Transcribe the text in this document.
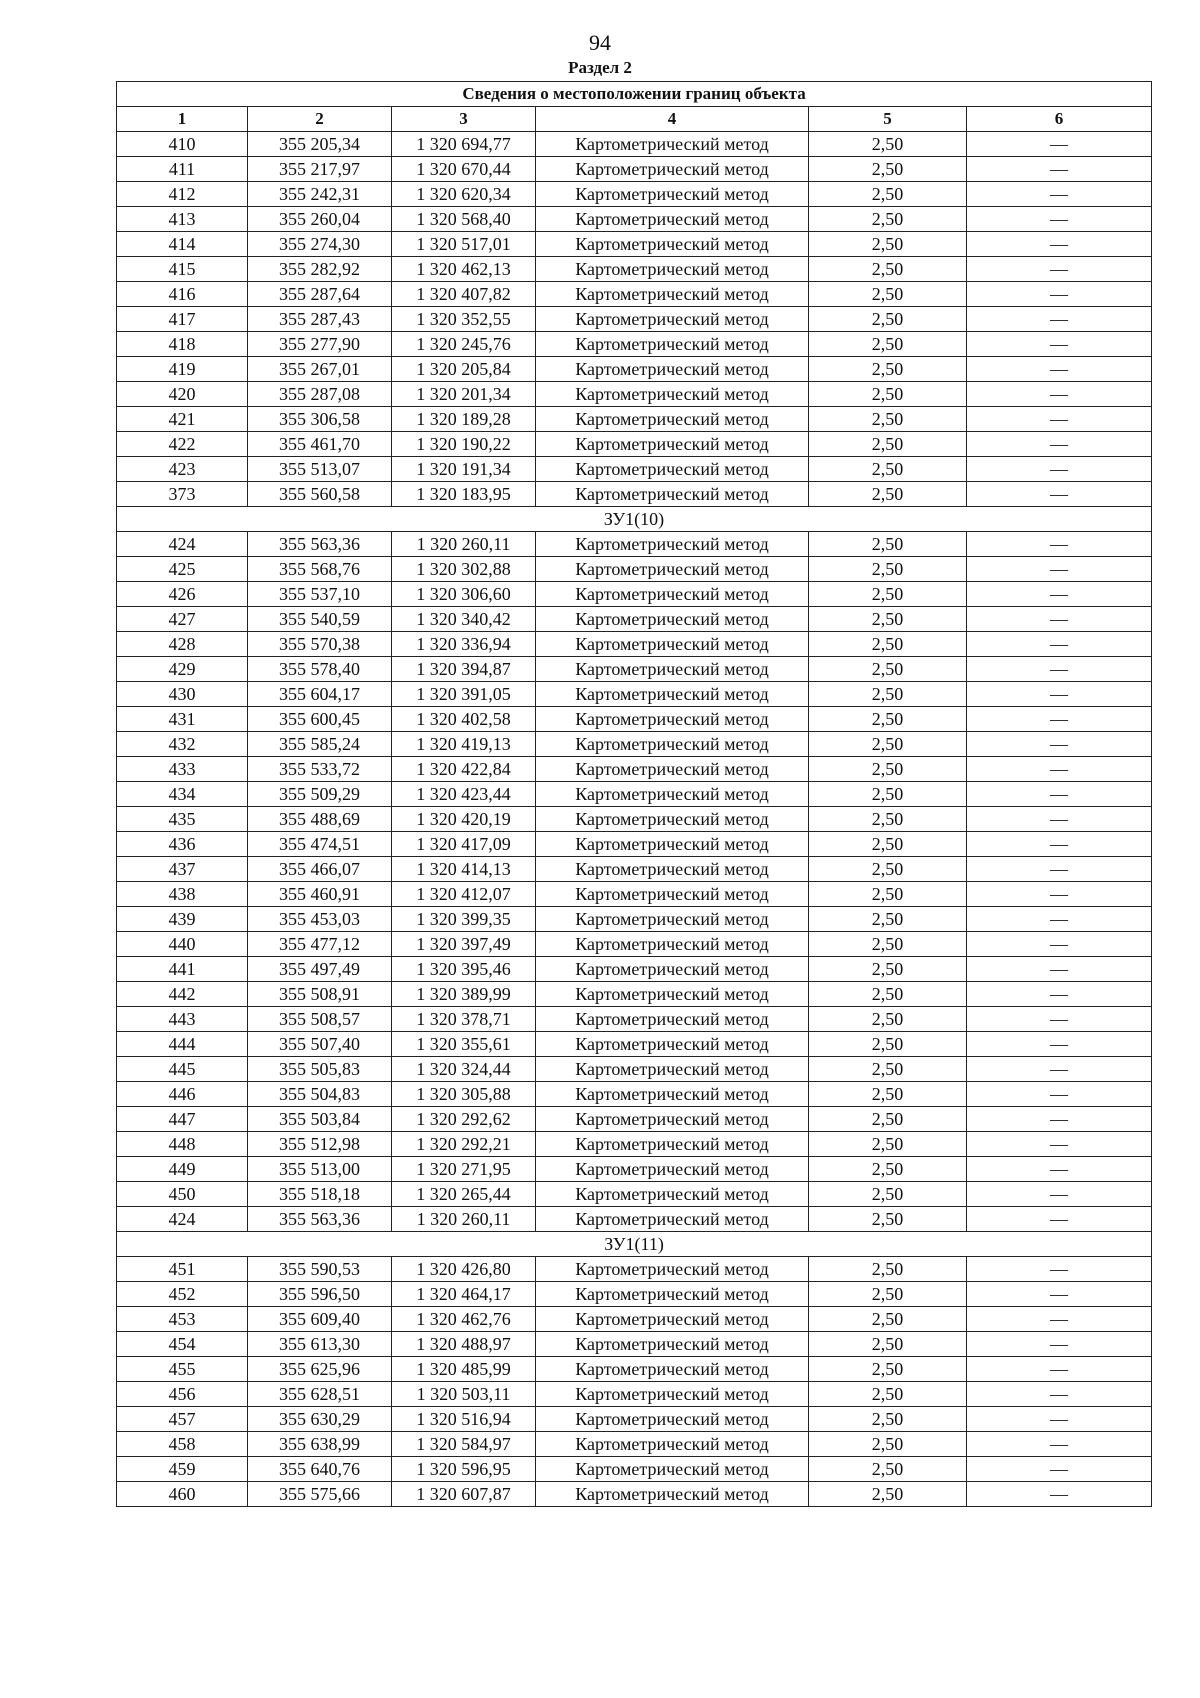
94
Раздел 2
Сведения о местоположении границ объекта					
1	2	3	4	5	6
410	355 205,34	1 320 694,77	Картометрический метод	2,50	—
411	355 217,97	1 320 670,44	Картометрический метод	2,50	—
412	355 242,31	1 320 620,34	Картометрический метод	2,50	—
413	355 260,04	1 320 568,40	Картометрический метод	2,50	—
414	355 274,30	1 320 517,01	Картометрический метод	2,50	—
415	355 282,92	1 320 462,13	Картометрический метод	2,50	—
416	355 287,64	1 320 407,82	Картометрический метод	2,50	—
417	355 287,43	1 320 352,55	Картометрический метод	2,50	—
418	355 277,90	1 320 245,76	Картометрический метод	2,50	—
419	355 267,01	1 320 205,84	Картометрический метод	2,50	—
420	355 287,08	1 320 201,34	Картометрический метод	2,50	—
421	355 306,58	1 320 189,28	Картометрический метод	2,50	—
422	355 461,70	1 320 190,22	Картометрический метод	2,50	—
423	355 513,07	1 320 191,34	Картометрический метод	2,50	—
373	355 560,58	1 320 183,95	Картометрический метод	2,50	—
ЗУ1(10)					
424	355 563,36	1 320 260,11	Картометрический метод	2,50	—
425	355 568,76	1 320 302,88	Картометрический метод	2,50	—
426	355 537,10	1 320 306,60	Картометрический метод	2,50	—
427	355 540,59	1 320 340,42	Картометрический метод	2,50	—
428	355 570,38	1 320 336,94	Картометрический метод	2,50	—
429	355 578,40	1 320 394,87	Картометрический метод	2,50	—
430	355 604,17	1 320 391,05	Картометрический метод	2,50	—
431	355 600,45	1 320 402,58	Картометрический метод	2,50	—
432	355 585,24	1 320 419,13	Картометрический метод	2,50	—
433	355 533,72	1 320 422,84	Картометрический метод	2,50	—
434	355 509,29	1 320 423,44	Картометрический метод	2,50	—
435	355 488,69	1 320 420,19	Картометрический метод	2,50	—
436	355 474,51	1 320 417,09	Картометрический метод	2,50	—
437	355 466,07	1 320 414,13	Картометрический метод	2,50	—
438	355 460,91	1 320 412,07	Картометрический метод	2,50	—
439	355 453,03	1 320 399,35	Картометрический метод	2,50	—
440	355 477,12	1 320 397,49	Картометрический метод	2,50	—
441	355 497,49	1 320 395,46	Картометрический метод	2,50	—
442	355 508,91	1 320 389,99	Картометрический метод	2,50	—
443	355 508,57	1 320 378,71	Картометрический метод	2,50	—
444	355 507,40	1 320 355,61	Картометрический метод	2,50	—
445	355 505,83	1 320 324,44	Картометрический метод	2,50	—
446	355 504,83	1 320 305,88	Картометрический метод	2,50	—
447	355 503,84	1 320 292,62	Картометрический метод	2,50	—
448	355 512,98	1 320 292,21	Картометрический метод	2,50	—
449	355 513,00	1 320 271,95	Картометрический метод	2,50	—
450	355 518,18	1 320 265,44	Картометрический метод	2,50	—
424	355 563,36	1 320 260,11	Картометрический метод	2,50	—
ЗУ1(11)					
451	355 590,53	1 320 426,80	Картометрический метод	2,50	—
452	355 596,50	1 320 464,17	Картометрический метод	2,50	—
453	355 609,40	1 320 462,76	Картометрический метод	2,50	—
454	355 613,30	1 320 488,97	Картометрический метод	2,50	—
455	355 625,96	1 320 485,99	Картометрический метод	2,50	—
456	355 628,51	1 320 503,11	Картометрический метод	2,50	—
457	355 630,29	1 320 516,94	Картометрический метод	2,50	—
458	355 638,99	1 320 584,97	Картометрический метод	2,50	—
459	355 640,76	1 320 596,95	Картометрический метод	2,50	—
460	355 575,66	1 320 607,87	Картометрический метод	2,50	—
